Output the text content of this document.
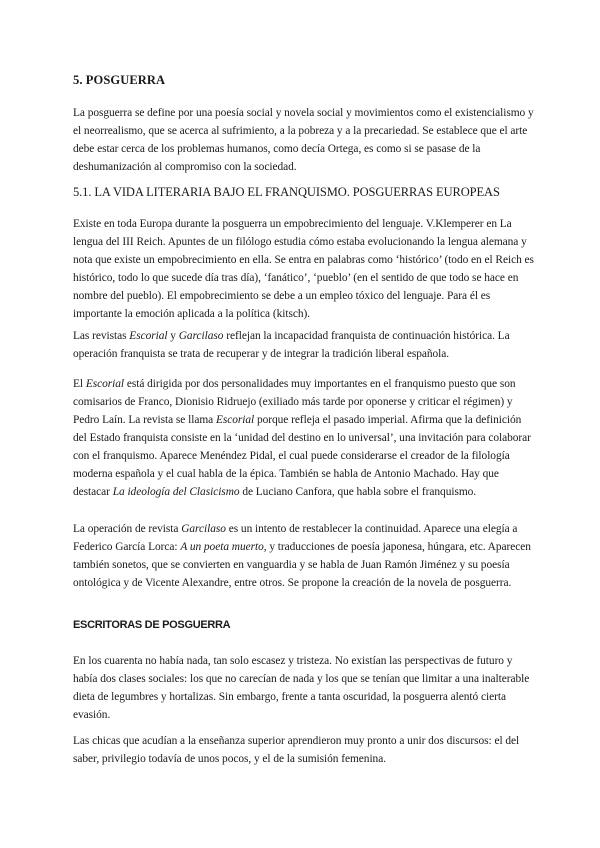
5. POSGUERRA

La posguerra se define por una poesía social y novela social y movimientos como el existencialismo y el neorrealismo, que se acerca al sufrimiento, a la pobreza y a la precariedad. Se establece que el arte debe estar cerca de los problemas humanos, como decía Ortega, es como si se pasase de la deshumanización al compromiso con la sociedad.

5.1. LA VIDA LITERARIA BAJO EL FRANQUISMO. POSGUERRAS EUROPEAS

Existe en toda Europa durante la posguerra un empobrecimiento del lenguaje. V.Klemperer en La lengua del III Reich. Apuntes de un filólogo estudia cómo estaba evolucionando la lengua alemana y nota que existe un empobrecimiento en ella. Se entra en palabras como ‘histórico’ (todo en el Reich es histórico, todo lo que sucede día tras día), ‘fanático’, ‘pueblo’ (en el sentido de que todo se hace en nombre del pueblo). El empobrecimiento se debe a un empleo tóxico del lenguaje. Para él es importante la emoción aplicada a la política (kitsch).

Las revistas Escorial y Garcilaso reflejan la incapacidad franquista de continuación histórica. La operación franquista se trata de recuperar y de integrar la tradición liberal española.

El Escorial está dirigida por dos personalidades muy importantes en el franquismo puesto que son comisarios de Franco, Dionisio Ridruejo (exiliado más tarde por oponerse y criticar el régimen) y Pedro Laín. La revista se llama Escorial porque refleja el pasado imperial. Afirma que la definición del Estado franquista consiste en la ‘unidad del destino en lo universal’, una invitación para colaborar con el franquismo. Aparece Menéndez Pidal, el cual puede considerarse el creador de la filología moderna española y el cual habla de la épica. También se habla de Antonio Machado. Hay que destacar La ideología del Clasicismo de Luciano Canfora, que habla sobre el franquismo.

La operación de revista Garcilaso es un intento de restablecer la continuidad. Aparece una elegía a Federico García Lorca: A un poeta muerto, y traducciones de poesía japonesa, húngara, etc. Aparecen también sonetos, que se convierten en vanguardia y se habla de Juan Ramón Jiménez y su poesía ontológica y de Vicente Alexandre, entre otros. Se propone la creación de la novela de posguerra.

ESCRITORAS DE POSGUERRA

En los cuarenta no había nada, tan solo escasez y tristeza. No existían las perspectivas de futuro y había dos clases sociales: los que no carecían de nada y los que se tenían que limitar a una inalterable dieta de legumbres y hortalizas. Sin embargo, frente a tanta oscuridad, la posguerra alentó cierta evasión.

Las chicas que acudían a la enseñanza superior aprendieron muy pronto a unir dos discursos: el del saber, privilegio todavía de unos pocos, y el de la sumisión femenina.
